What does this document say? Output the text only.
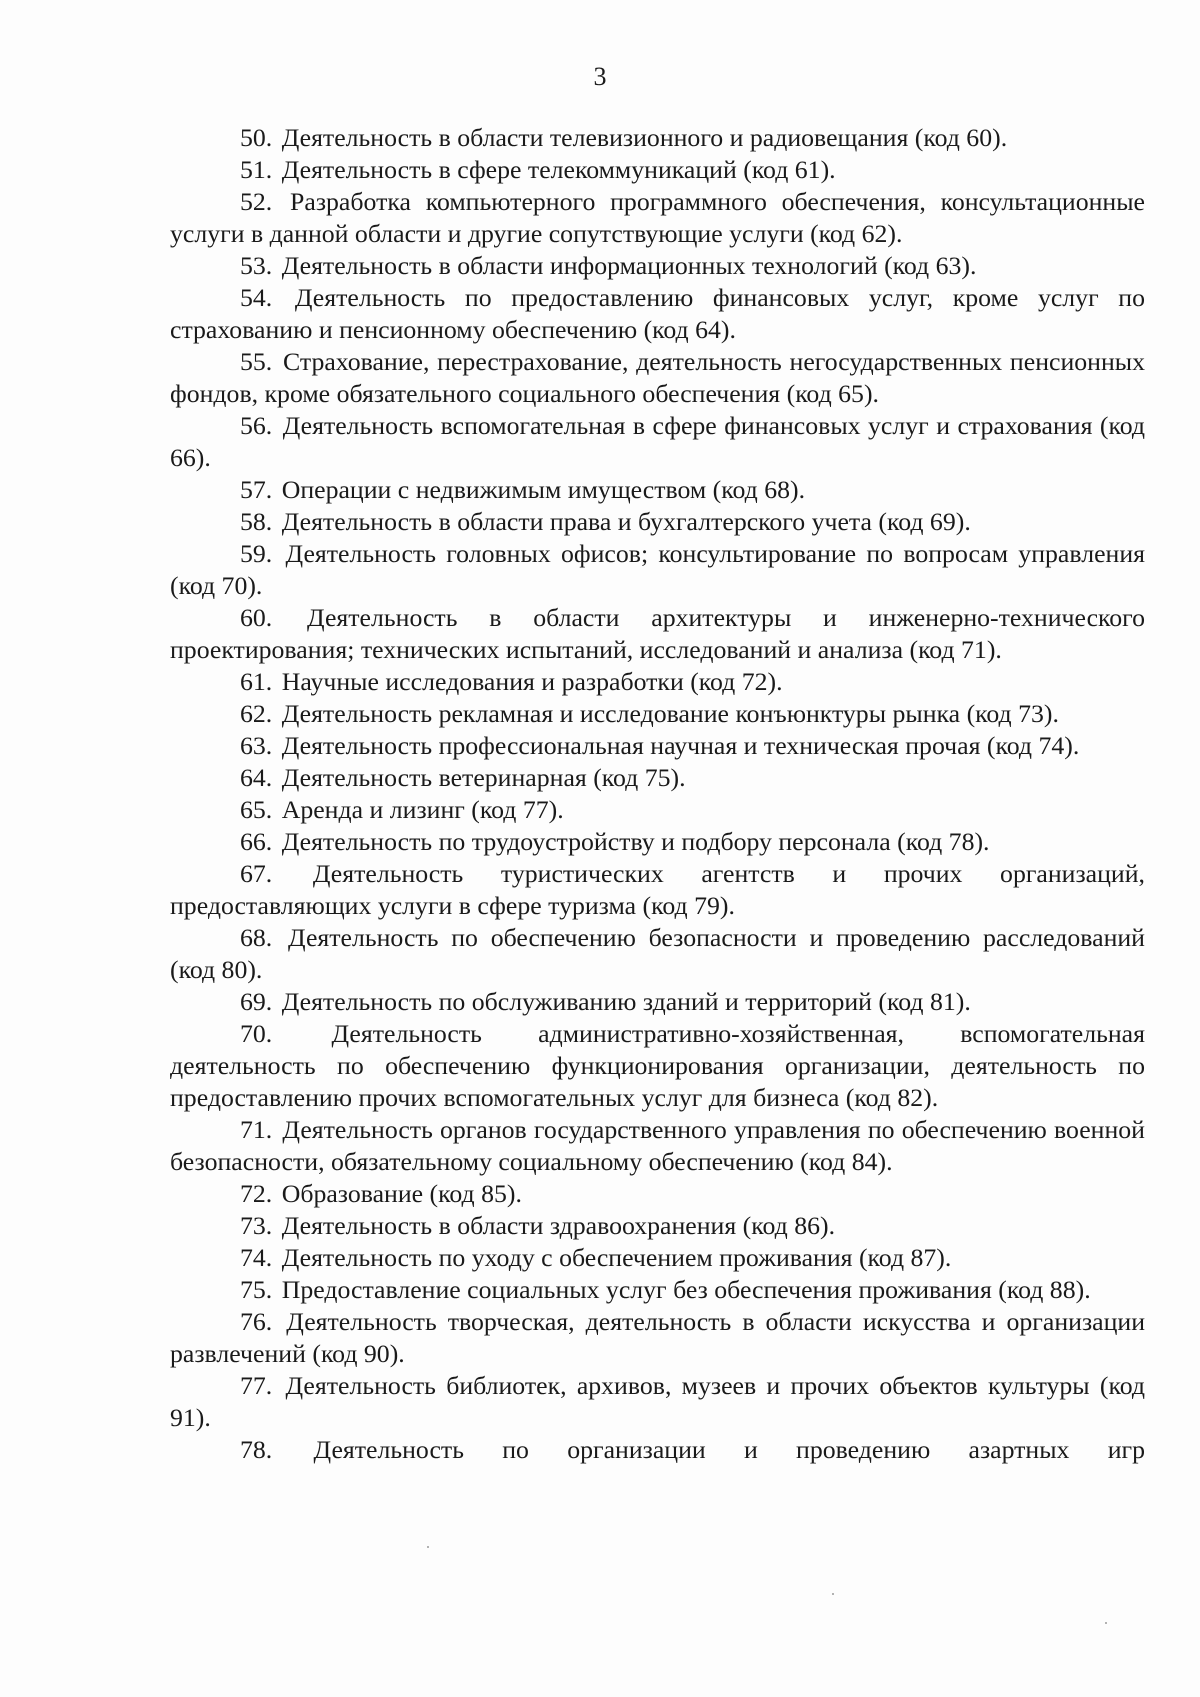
3

50. Деятельность в области телевизионного и радиовещания (код 60).

51. Деятельность в сфере телекоммуникаций (код 61).

52. Разработка компьютерного программного обеспечения, консультационные услуги в данной области и другие сопутствующие услуги (код 62).

53. Деятельность в области информационных технологий (код 63).

54. Деятельность по предоставлению финансовых услуг, кроме услуг по страхованию и пенсионному обеспечению (код 64).

55. Страхование, перестрахование, деятельность негосударственных пенсионных фондов, кроме обязательного социального обеспечения (код 65).

56. Деятельность вспомогательная в сфере финансовых услуг и страхования (код 66).

57. Операции с недвижимым имуществом (код 68).

58. Деятельность в области права и бухгалтерского учета (код 69).

59. Деятельность головных офисов; консультирование по вопросам управления (код 70).

60. Деятельность в области архитектуры и инженерно-технического проектирования; технических испытаний, исследований и анализа (код 71).

61. Научные исследования и разработки (код 72).

62. Деятельность рекламная и исследование конъюнктуры рынка (код 73).

63. Деятельность профессиональная научная и техническая прочая (код 74).

64. Деятельность ветеринарная (код 75).

65. Аренда и лизинг (код 77).

66. Деятельность по трудоустройству и подбору персонала (код 78).

67. Деятельность туристических агентств и прочих организаций, предоставляющих услуги в сфере туризма (код 79).

68. Деятельность по обеспечению безопасности и проведению расследований (код 80).

69. Деятельность по обслуживанию зданий и территорий (код 81).

70. Деятельность административно-хозяйственная, вспомогательная деятельность по обеспечению функционирования организации, деятельность по предоставлению прочих вспомогательных услуг для бизнеса (код 82).

71. Деятельность органов государственного управления по обеспечению военной безопасности, обязательному социальному обеспечению (код 84).

72. Образование (код 85).

73. Деятельность в области здравоохранения (код 86).

74. Деятельность по уходу с обеспечением проживания (код 87).

75. Предоставление социальных услуг без обеспечения проживания (код 88).

76. Деятельность творческая, деятельность в области искусства и организации развлечений (код 90).

77. Деятельность библиотек, архивов, музеев и прочих объектов культуры (код 91).

78. Деятельность по организации и проведению азартных игр
